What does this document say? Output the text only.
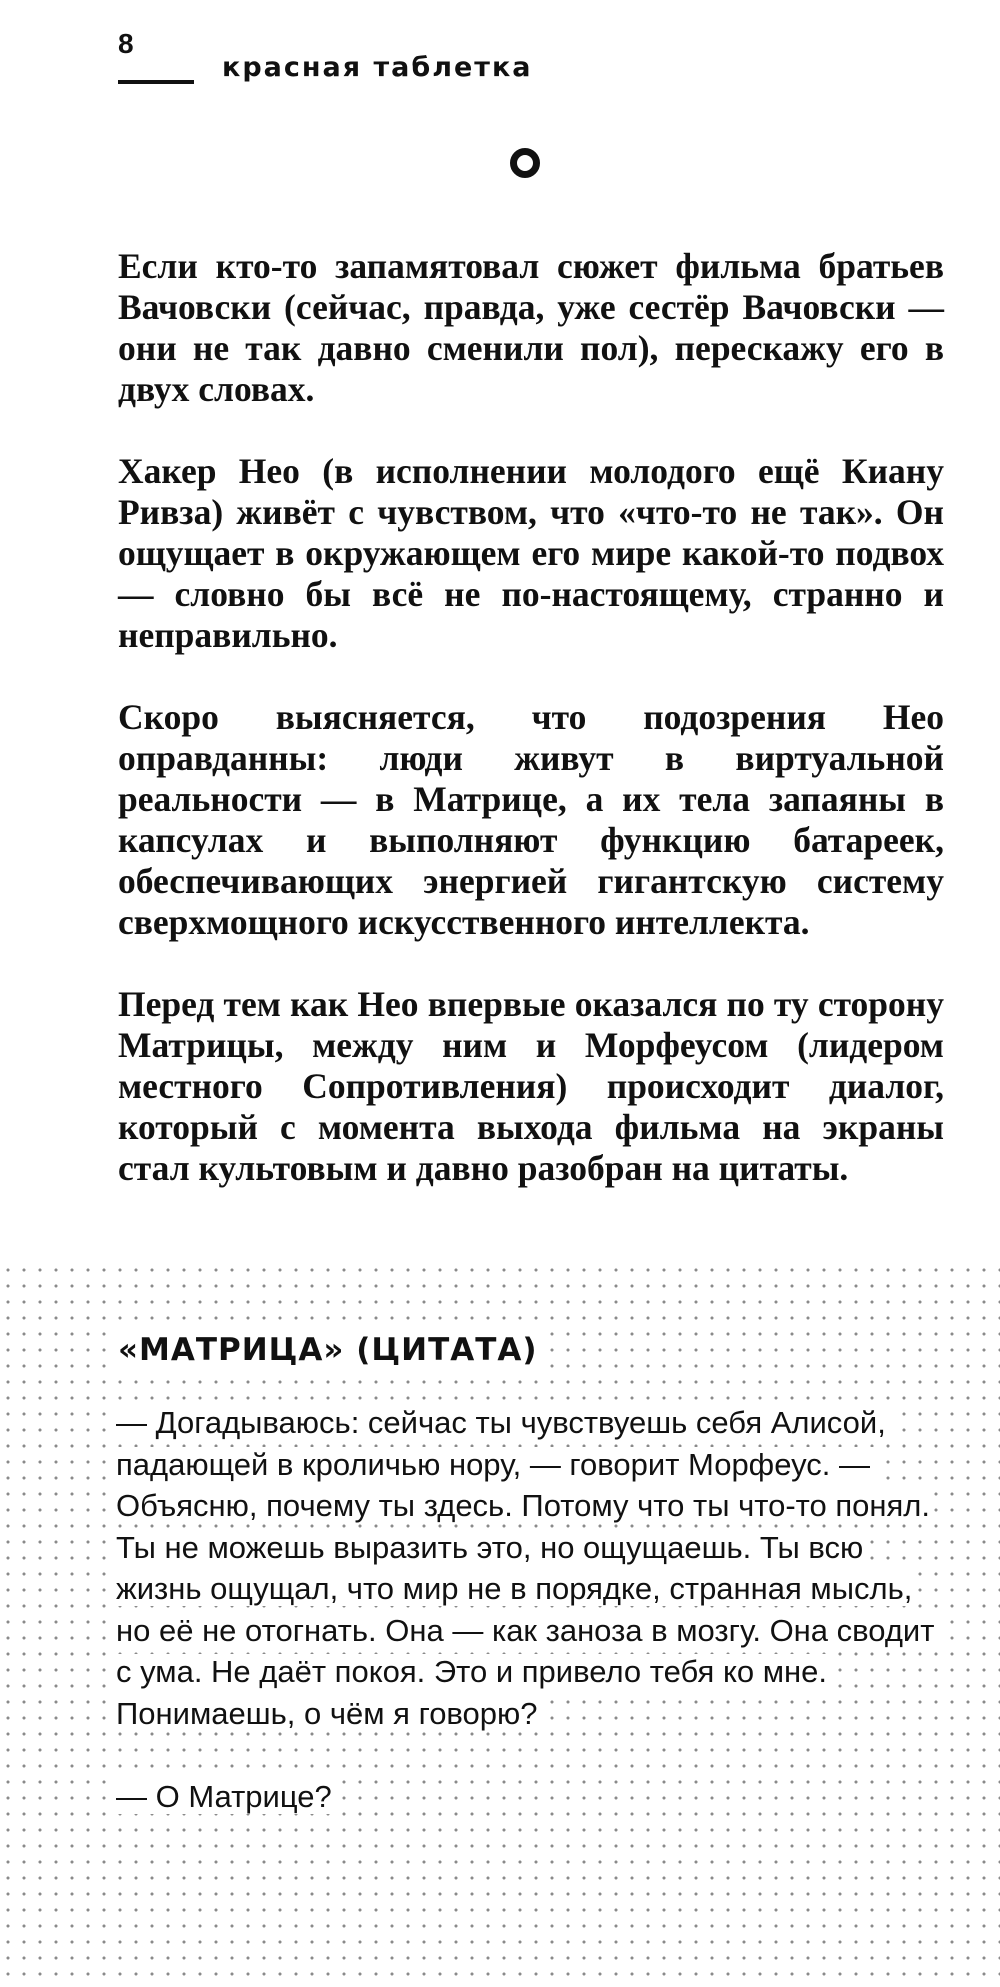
8

красная таблетка

Если кто-то запамятовал сюжет фильма братьев Вачовски (сейчас, правда, уже сестёр Вачовски — они не так давно сменили пол), перескажу его в двух словах.

Хакер Нео (в исполнении молодого ещё Киану Ривза) живёт с чувством, что «что-то не так». Он ощущает в окружающем его мире какой-то подвох — словно бы всё не по-настоящему, странно и неправильно.

Скоро выясняется, что подозрения Нео оправданны: люди живут в виртуальной реальности — в Матрице, а их тела запаяны в капсулах и выполняют функцию батареек, обеспечивающих энергией гигантскую систему сверхмощного искусственного интеллекта.

Перед тем как Нео впервые оказался по ту сторону Матрицы, между ним и Морфеусом (лидером местного Сопротивления) происходит диалог, который с момента выхода фильма на экраны стал культовым и давно разобран на цитаты.

«МАТРИЦА» (ЦИТАТА)

— Догадываюсь: сейчас ты чувствуешь себя Алисой, падающей в кроличью нору, — говорит Морфеус. — Объясню, почему ты здесь. Потому что ты что-то понял. Ты не можешь выразить это, но ощущаешь. Ты всю жизнь ощущал, что мир не в порядке, странная мысль, но её не отогнать. Она — как заноза в мозгу. Она сводит с ума. Не даёт покоя. Это и привело тебя ко мне. Понимаешь, о чём я говорю?

— О Матрице?
